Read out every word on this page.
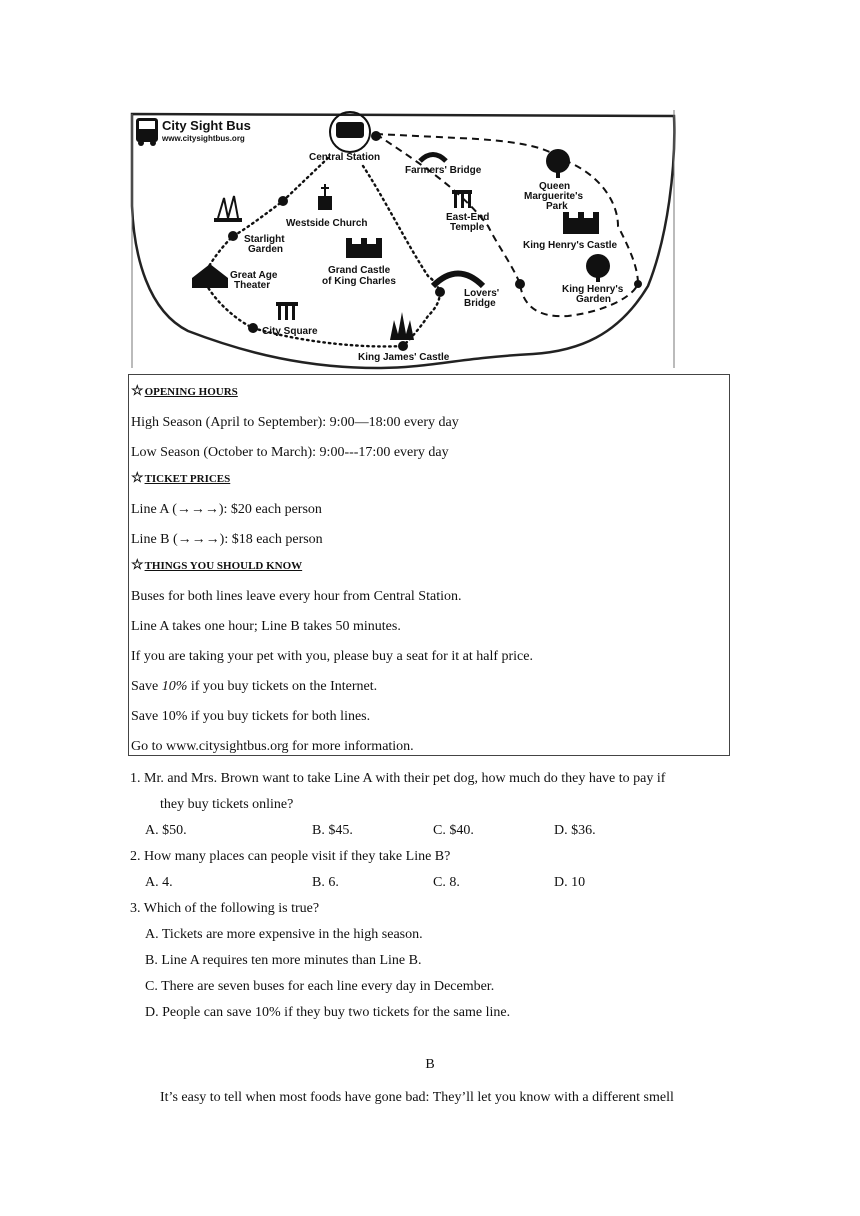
City Sight Bus
www.citysightbus.org
Central Station
Farmers' Bridge
Queen
Marguerite's
Park
Westside Church
East-End
Temple
Starlight
Garden	King Henry's Castle
Grand Castle
of King Charles
Great Age
Theater	King Henry's
Garden
Lovers'
Bridge
City Square
King James' Castle
☆OPENING HOURS
High Season (April to September): 9:00—18:00 every day
Low Season (October to March): 9:00---17:00 every day
☆TICKET PRICES
Line A (→→→): $20 each person
Line B (→→→): $18 each person
☆THINGS YOU SHOULD KNOW
Buses for both lines leave every hour from Central Station.
Line A takes one hour; Line B takes 50 minutes.
If you are taking your pet with you, please buy a seat for it at half price.
Save 10% if you buy tickets on the Internet.
Save 10% if you buy tickets for both lines.
Go to www.citysightbus.org for more information.
1. Mr. and Mrs. Brown want to take Line A with their pet dog, how much do they have to pay if
they buy tickets online?
A. $50.	B. $45.	C. $40.	D. $36.
2. How many places can people visit if they take Line B?
A. 4.	B. 6.	C. 8.	D. 10
3. Which of the following is true?
A. Tickets are more expensive in the high season.
B. Line A requires ten more minutes than Line B.
C. There are seven buses for each line every day in December.
D. People can save 10% if they buy two tickets for the same line.
B
It’s easy to tell when most foods have gone bad: They’ll let you know with a different smell
